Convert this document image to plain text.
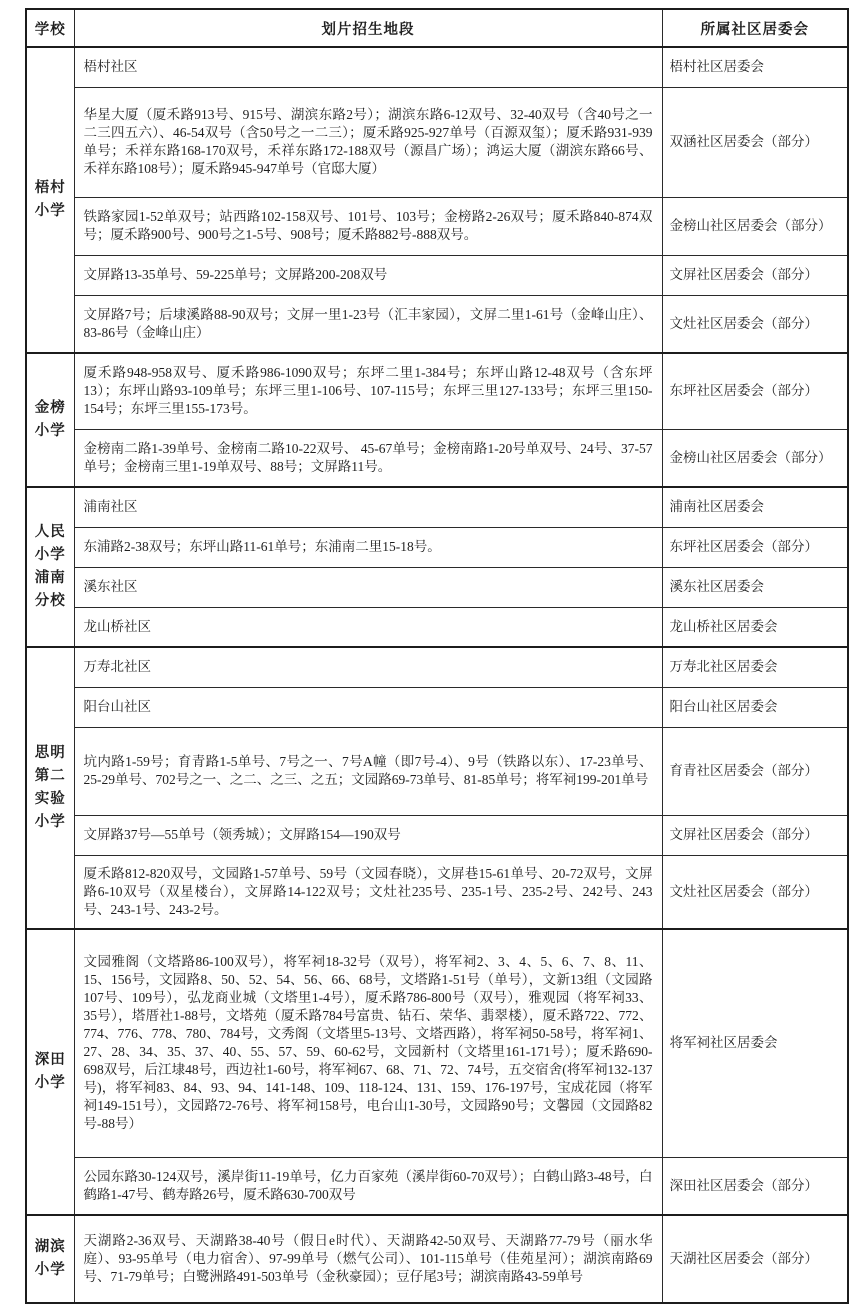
学校	划片招生地段	所属社区居委会
梧村小学	梧村社区	梧村社区居委会
	华星大厦（厦禾路913号、915号、湖滨东路2号）；湖滨东路6-12双号、32-40双号（含40号之一二三四五六）、46-54双号（含50号之一二三）；厦禾路925-927单号（百源双玺）；厦禾路931-939单号；禾祥东路168-170双号，禾祥东路172-188双号（源昌广场）；鸿运大厦（湖滨东路66号、禾祥东路108号）；厦禾路945-947单号（官邸大厦）	双涵社区居委会（部分）
	铁路家园1-52单双号；站西路102-158双号、101号、103号；金榜路2-26双号；厦禾路840-874双号；厦禾路900号、900号之1-5号、908号；厦禾路882号-888双号。	金榜山社区居委会（部分）
	文屏路13-35单号、59-225单号；文屏路200-208双号	文屏社区居委会（部分）
	文屏路7号；后埭溪路88-90双号；文屏一里1-23号（汇丰家园），文屏二里1-61号（金峰山庄）、83-86号（金峰山庄）	文灶社区居委会（部分）
金榜小学	厦禾路948-958双号、厦禾路986-1090双号；东坪二里1-384号；东坪山路12-48双号（含东坪13）；东坪山路93-109单号；东坪三里1-106号、107-115号；东坪三里127-133号；东坪三里150-154号；东坪三里155-173号。	东坪社区居委会（部分）
	金榜南二路1-39单号、金榜南二路10-22双号、 45-67单号；金榜南路1-20号单双号、24号、37-57单号；金榜南三里1-19单双号、88号；文屏路11号。	金榜山社区居委会（部分）
人民小学浦南分校	浦南社区	浦南社区居委会
	东浦路2-38双号；东坪山路11-61单号；东浦南二里15-18号。	东坪社区居委会（部分）
	溪东社区	溪东社区居委会
	龙山桥社区	龙山桥社区居委会
思明第二实验小学	万寿北社区	万寿北社区居委会
	阳台山社区	阳台山社区居委会
	坑内路1-59号；育青路1-5单号、7号之一、7号A幢（即7号-4）、9号（铁路以东）、17-23单号、25-29单号、702号之一、之二、之三、之五；文园路69-73单号、81-85单号；将军祠199-201单号	育青社区居委会（部分）
	文屏路37号—55单号（领秀城）；文屏路154—190双号	文屏社区居委会（部分）
	厦禾路812-820双号，文园路1-57单号、59号（文园春晓），文屏巷15-61单号、20-72双号，文屏路6-10双号（双星楼台），文屏路14-122双号；文灶社235号、235-1号、235-2号、242号、243号、243-1号、243-2号。	文灶社区居委会（部分）
深田小学	文园雅阁（文塔路86-100双号），将军祠18-32号（双号），将军祠2、3、4、5、6、7、8、11、15、156号，文园路8、50、52、54、56、66、68号，文塔路1-51号（单号），文新13组（文园路107号、109号），弘龙商业城（文塔里1-4号），厦禾路786-800号（双号），雅观园（将军祠33、35号），塔厝社1-88号，文塔苑（厦禾路784号富贵、钻石、荣华、翡翠楼），厦禾路722、772、774、776、778、780、784号，文秀阁（文塔里5-13号、文塔西路），将军祠50-58号，将军祠1、27、28、34、35、37、40、55、57、59、60-62号，文园新村（文塔里161-171号）；厦禾路690-698双号，后江埭48号，西边社1-60号，将军祠67、68、71、72、74号，五交宿舍(将军祠132-137号)，将军祠83、84、93、94、141-148、109、118-124、131、159、176-197号，宝成花园（将军祠149-151号），文园路72-76号、将军祠158号，电台山1-30号，文园路90号；文馨园（文园路82号-88号）	将军祠社区居委会
	公园东路30-124双号，溪岸街11-19单号，亿力百家苑（溪岸街60-70双号）；白鹤山路3-48号，白鹤路1-47号、鹤寿路26号，厦禾路630-700双号	深田社区居委会（部分）
湖滨小学	天湖路2-36双号、天湖路38-40号（假日e时代）、天湖路42-50双号、天湖路77-79号（丽水华庭）、93-95单号（电力宿舍）、97-99单号（燃气公司）、101-115单号（佳苑星河）；湖滨南路69号、71-79单号；白鹭洲路491-503单号（金秋豪园）；豆仔尾3号；湖滨南路43-59单号	天湖社区居委会（部分）
